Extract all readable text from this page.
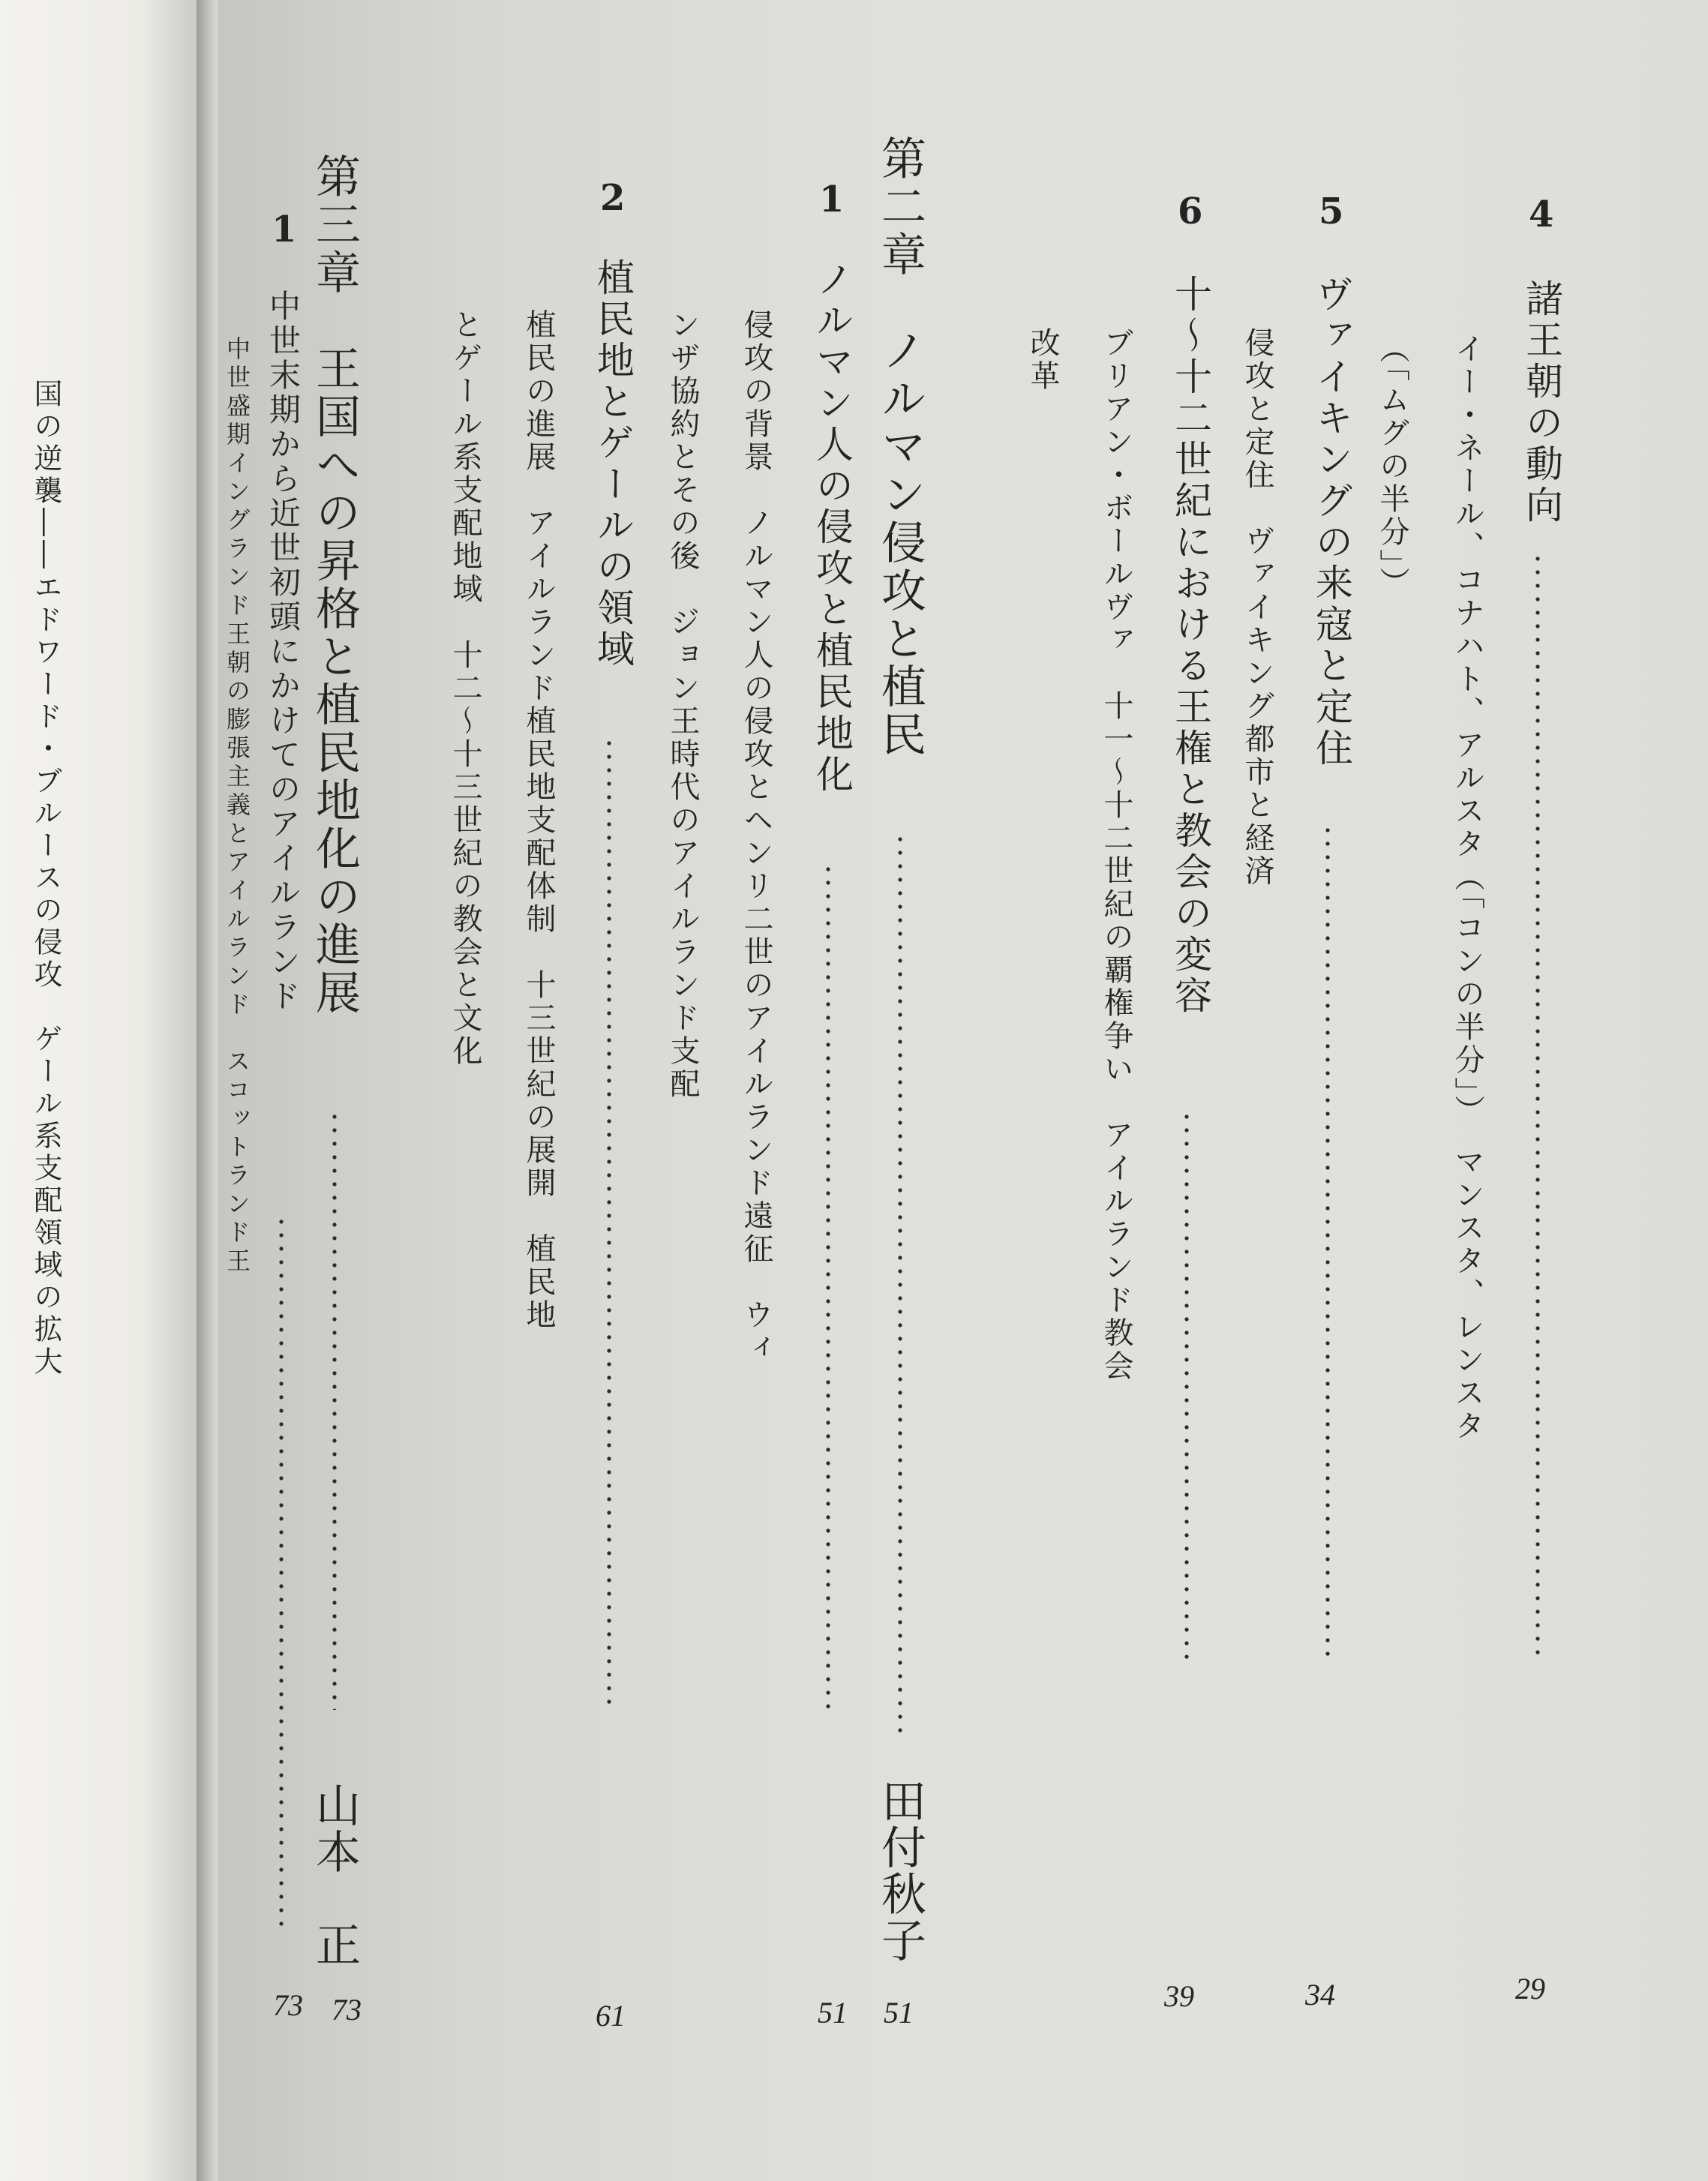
国の逆襲――エドワード・ブルースの侵攻　ゲール系支配領域の拡大
4
諸王朝の動向
29
イー・ネール、コナハト、アルスタ（「コンの半分」）　マンスタ、レンスタ
（「ムグの半分」）
5
ヴァイキングの来寇と定住
34
侵攻と定住　ヴァイキング都市と経済
6
十～十二世紀における王権と教会の変容
39
ブリアン・ボールヴァ　十一～十二世紀の覇権争い　アイルランド教会
改革
第二章　ノルマン侵攻と植民
田付秋子
51
1
ノルマン人の侵攻と植民地化
51
侵攻の背景　ノルマン人の侵攻とヘンリ二世のアイルランド遠征　ウィ
ンザ協約とその後　ジョン王時代のアイルランド支配
2
植民地とゲールの領域
61
植民の進展　アイルランド植民地支配体制　十三世紀の展開　植民地
とゲール系支配地域　十二～十三世紀の教会と文化
第三章　王国への昇格と植民地化の進展
山本　正
73
1
中世末期から近世初頭にかけてのアイルランド
73
中世盛期イングランド王朝の膨張主義とアイルランド　スコットランド王
